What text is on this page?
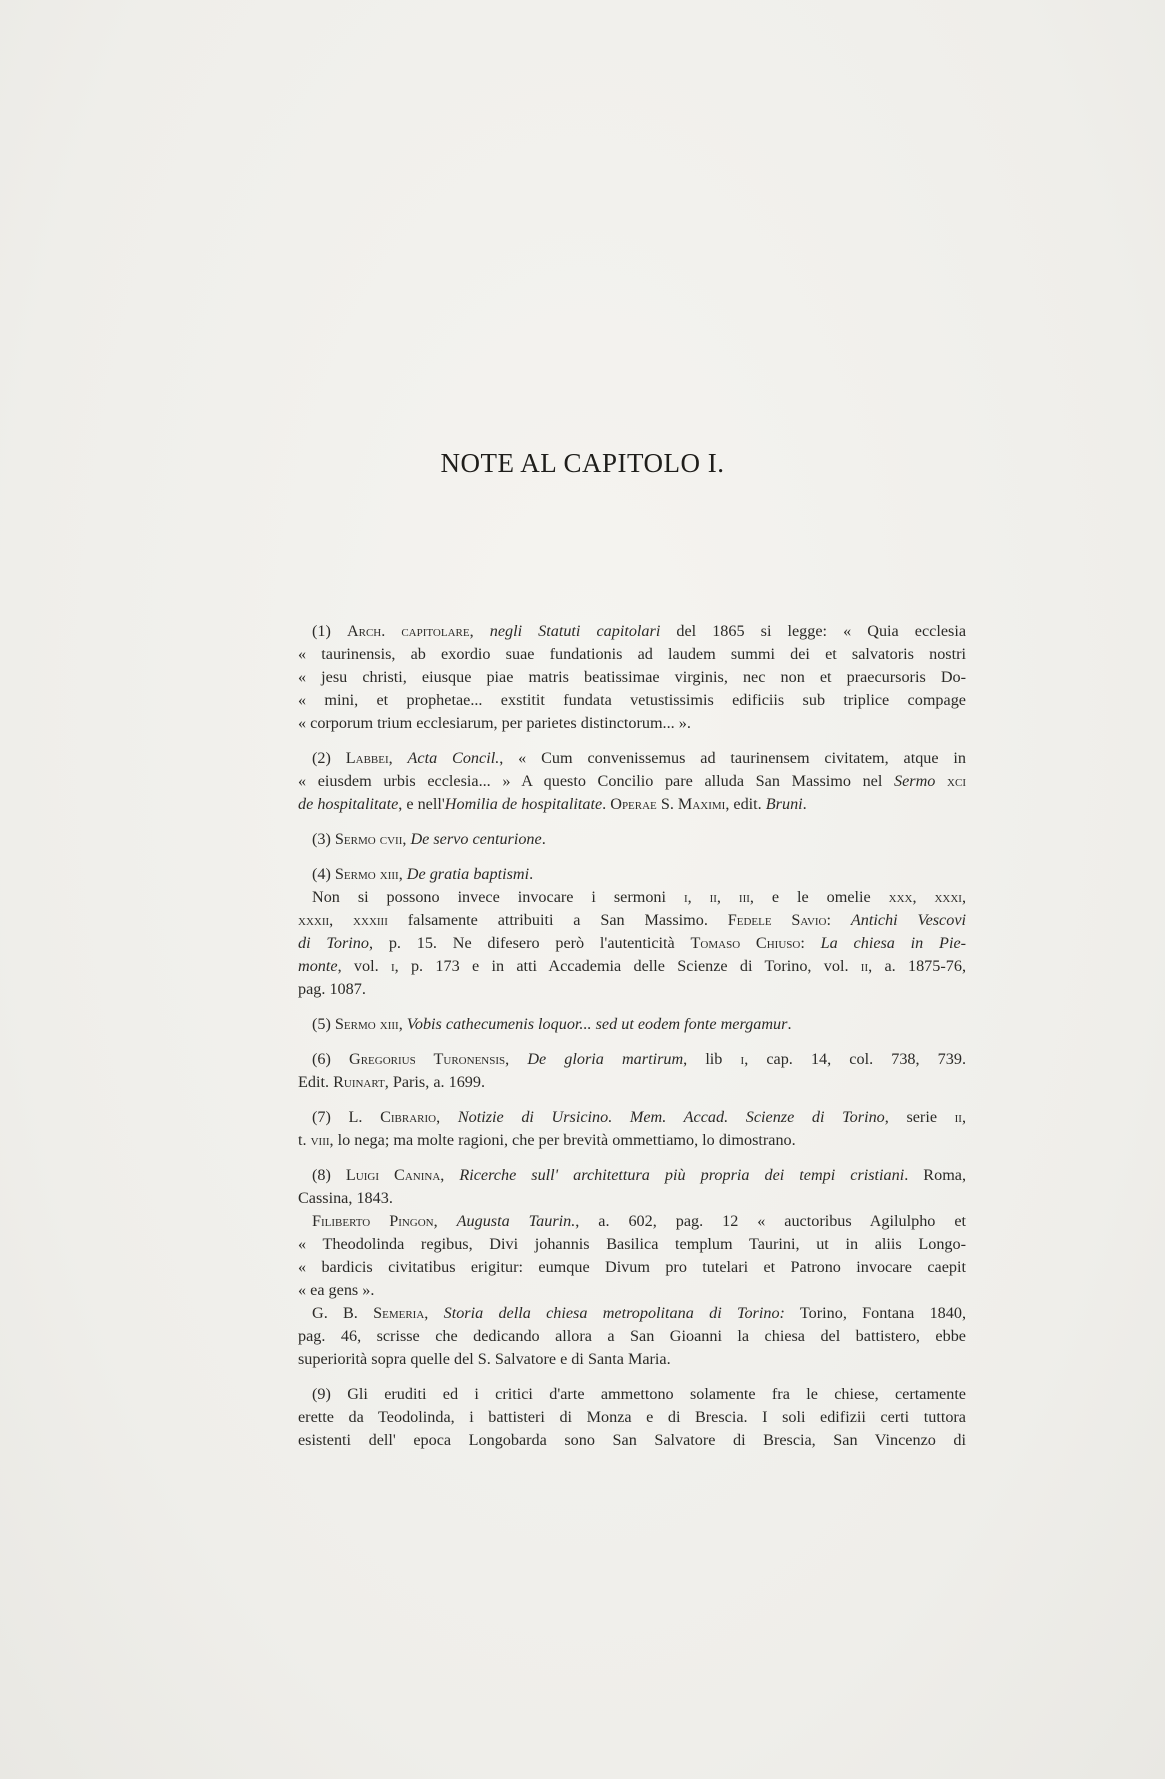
NOTE AL CAPITOLO I.
(1) Arch. capitolare, negli Statuti capitolari del 1865 si legge: « Quia ecclesia
« taurinensis, ab exordio suae fundationis ad laudem summi dei et salvatoris nostri
« jesu christi, eiusque piae matris beatissimae virginis, nec non et praecursoris Do-
« mini, et prophetae... exstitit fundata vetustissimis edificiis sub triplice compage
« corporum trium ecclesiarum, per parietes distinctorum... ».
(2) Labbei, Acta Concil., « Cum convenissemus ad taurinensem civitatem, atque in
« eiusdem urbis ecclesia... » A questo Concilio pare alluda San Massimo nel Sermo xci
de hospitalitate, e nell'Homilia de hospitalitate. Operae S. Maximi, edit. Bruni.
(3) Sermo cvii, De servo centurione.
(4) Sermo xiii, De gratia baptismi.
Non si possono invece invocare i sermoni i, ii, iii, e le omelie xxx, xxxi,
xxxii, xxxiii falsamente attribuiti a San Massimo. Fedele Savio: Antichi Vescovi
di Torino, p. 15. Ne difesero però l'autenticità Tomaso Chiuso: La chiesa in Pie-
monte, vol. i, p. 173 e in atti Accademia delle Scienze di Torino, vol. ii, a. 1875-76,
pag. 1087.
(5) Sermo xiii, Vobis cathecumenis loquor... sed ut eodem fonte mergamur.
(6) Gregorius Turonensis, De gloria martirum, lib i, cap. 14, col. 738, 739.
Edit. Ruinart, Paris, a. 1699.
(7) L. Cibrario, Notizie di Ursicino. Mem. Accad. Scienze di Torino, serie ii,
t. viii, lo nega; ma molte ragioni, che per brevità ommettiamo, lo dimostrano.
(8) Luigi Canina, Ricerche sull' architettura più propria dei tempi cristiani. Roma,
Cassina, 1843.
Filiberto Pingon, Augusta Taurin., a. 602, pag. 12 « auctoribus Agilulpho et
« Theodolinda regibus, Divi johannis Basilica templum Taurini, ut in aliis Longo-
« bardicis civitatibus erigitur: eumque Divum pro tutelari et Patrono invocare caepit
« ea gens ».
G. B. Semeria, Storia della chiesa metropolitana di Torino: Torino, Fontana 1840,
pag. 46, scrisse che dedicando allora a San Gioanni la chiesa del battistero, ebbe
superiorità sopra quelle del S. Salvatore e di Santa Maria.
(9) Gli eruditi ed i critici d'arte ammettono solamente fra le chiese, certamente
erette da Teodolinda, i battisteri di Monza e di Brescia. I soli edifizii certi tuttora
esistenti dell' epoca Longobarda sono San Salvatore di Brescia, San Vincenzo di
